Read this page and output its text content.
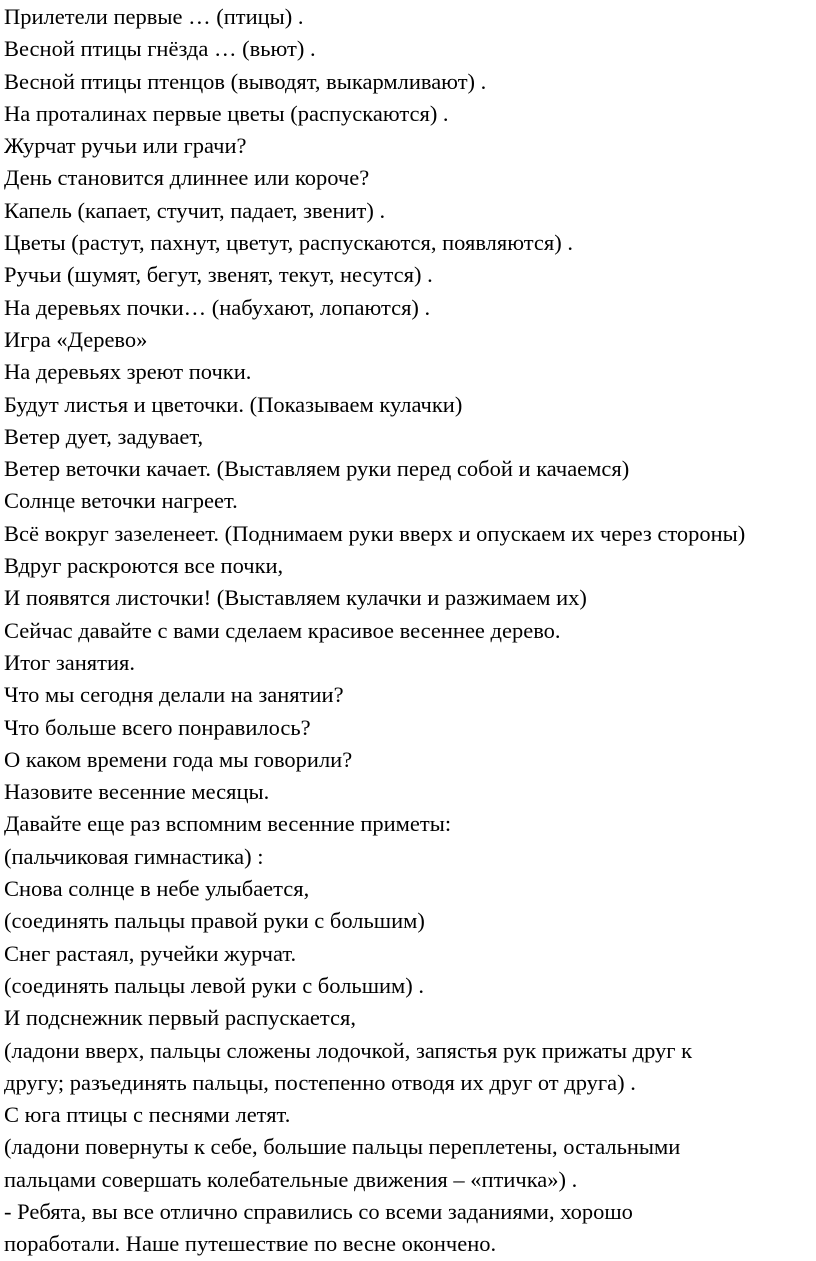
Прилетели первые … (птицы) .
Весной птицы гнёзда … (вьют) .
Весной птицы птенцов (выводят, выкармливают) .
На проталинах первые цветы (распускаются) .
Журчат ручьи или грачи?
День становится длиннее или короче?
Капель (капает, стучит, падает, звенит) .
Цветы (растут, пахнут, цветут, распускаются, появляются) .
Ручьи (шумят, бегут, звенят, текут, несутся) .
На деревьях почки… (набухают, лопаются) .
Игра «Дерево»
На деревьях зреют почки.
Будут листья и цветочки. (Показываем кулачки)
Ветер дует, задувает,
Ветер веточки качает. (Выставляем руки перед собой и качаемся)
Солнце веточки нагреет.
Всё вокруг зазеленеет. (Поднимаем руки вверх и опускаем их через стороны)
Вдруг раскроются все почки,
И появятся листочки! (Выставляем кулачки и разжимаем их)
Сейчас давайте с вами сделаем красивое весеннее дерево.
Итог занятия.
Что мы сегодня делали на занятии?
Что больше всего понравилось?
О каком времени года мы говорили?
Назовите весенние месяцы.
Давайте еще раз вспомним весенние приметы:
(пальчиковая гимнастика) :
Снова солнце в небе улыбается,
(соединять пальцы правой руки с большим)
Снег растаял, ручейки журчат.
(соединять пальцы левой руки с большим) .
И подснежник первый распускается,
(ладони вверх, пальцы сложены лодочкой, запястья рук прижаты друг к
другу; разъединять пальцы, постепенно отводя их друг от друга) .
С юга птицы с песнями летят.
(ладони повернуты к себе, большие пальцы переплетены, остальными
пальцами совершать колебательные движения – «птичка») .
- Ребята, вы все отлично справились со всеми заданиями, хорошо
поработали. Наше путешествие по весне окончено.
